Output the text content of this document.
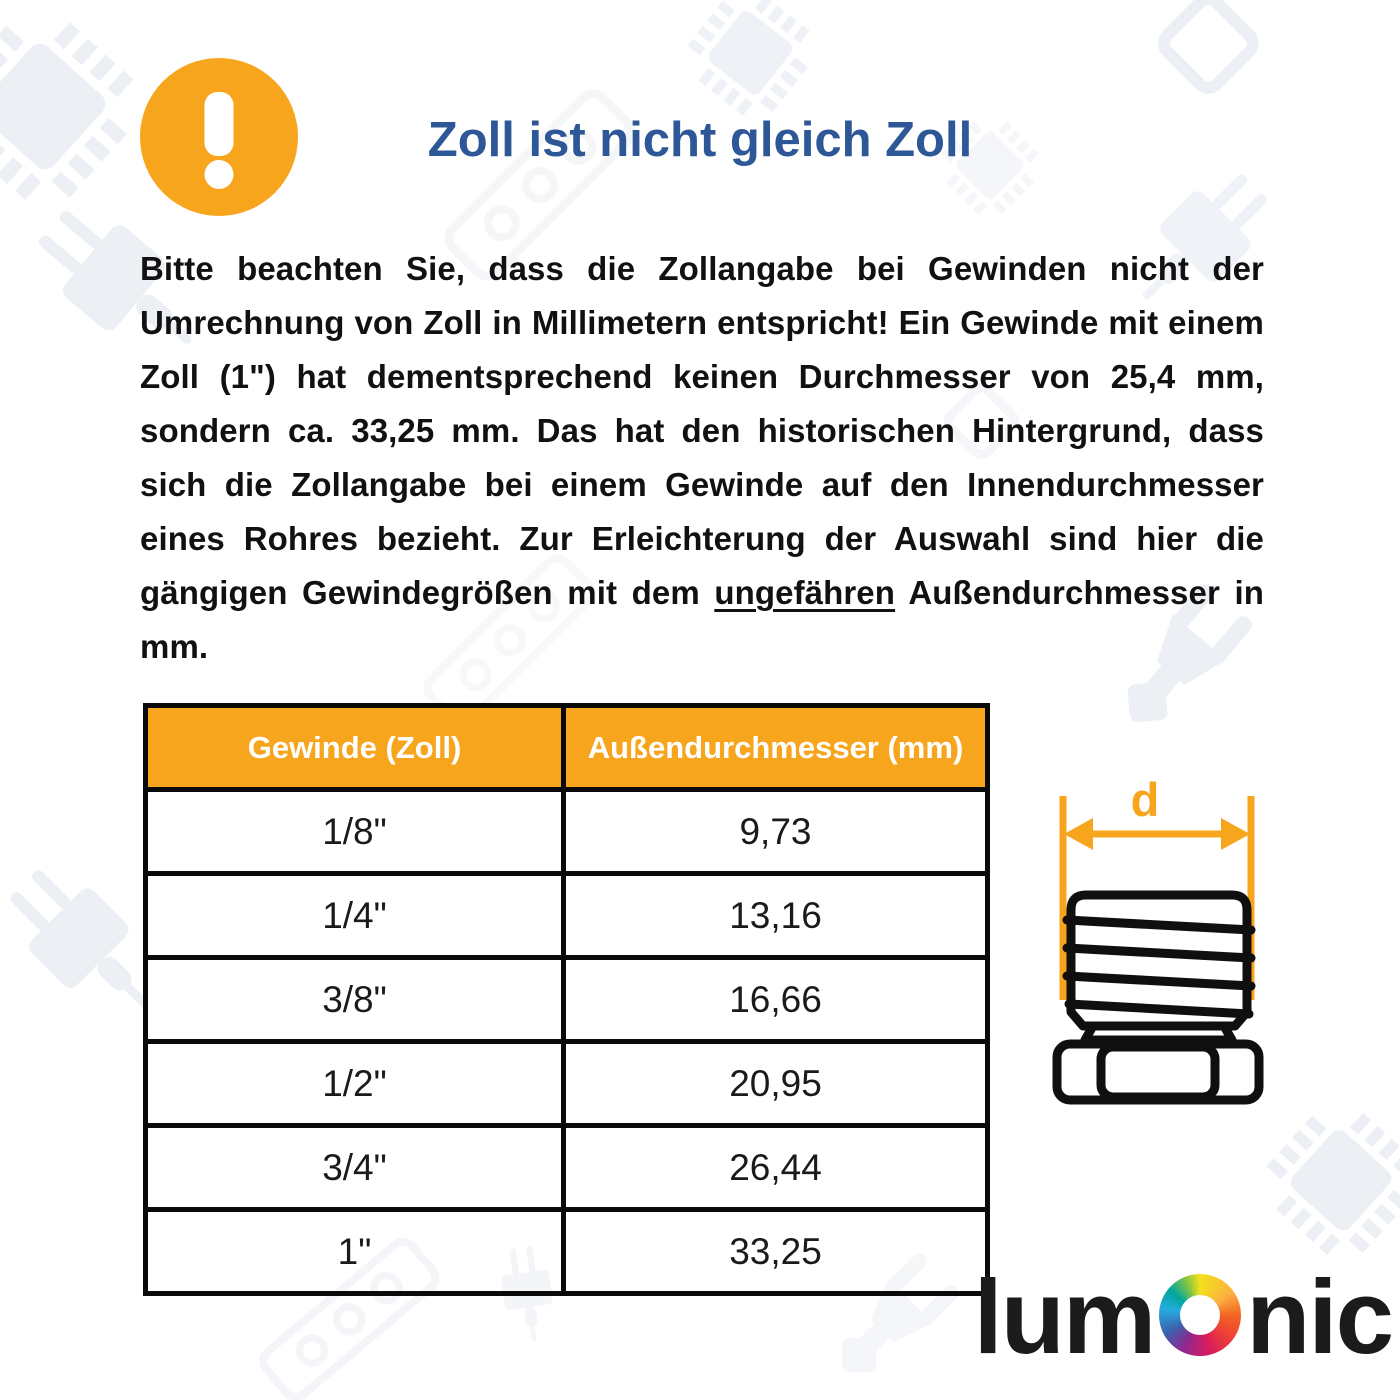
Zoll ist nicht gleich Zoll

Bitte beachten Sie, dass die Zollangabe bei Gewinden nicht der Umrechnung von Zoll in Millimetern entspricht! Ein Gewinde mit einem Zoll (1") hat dementsprechend keinen Durchmesser von 25,4 mm, sondern ca. 33,25 mm. Das hat den historischen Hintergrund, dass sich die Zollangabe bei einem Gewinde auf den Innendurchmesser eines Rohres bezieht. Zur Erleichterung der Auswahl sind hier die gängigen Gewindegrößen mit dem ungefähren Außendurchmesser in mm.

Gewinde (Zoll)	Außendurchmesser (mm)
1/8"	9,73
1/4"	13,16
3/8"	16,66
1/2"	20,95
3/4"	26,44
1"	33,25
d
lum nic
